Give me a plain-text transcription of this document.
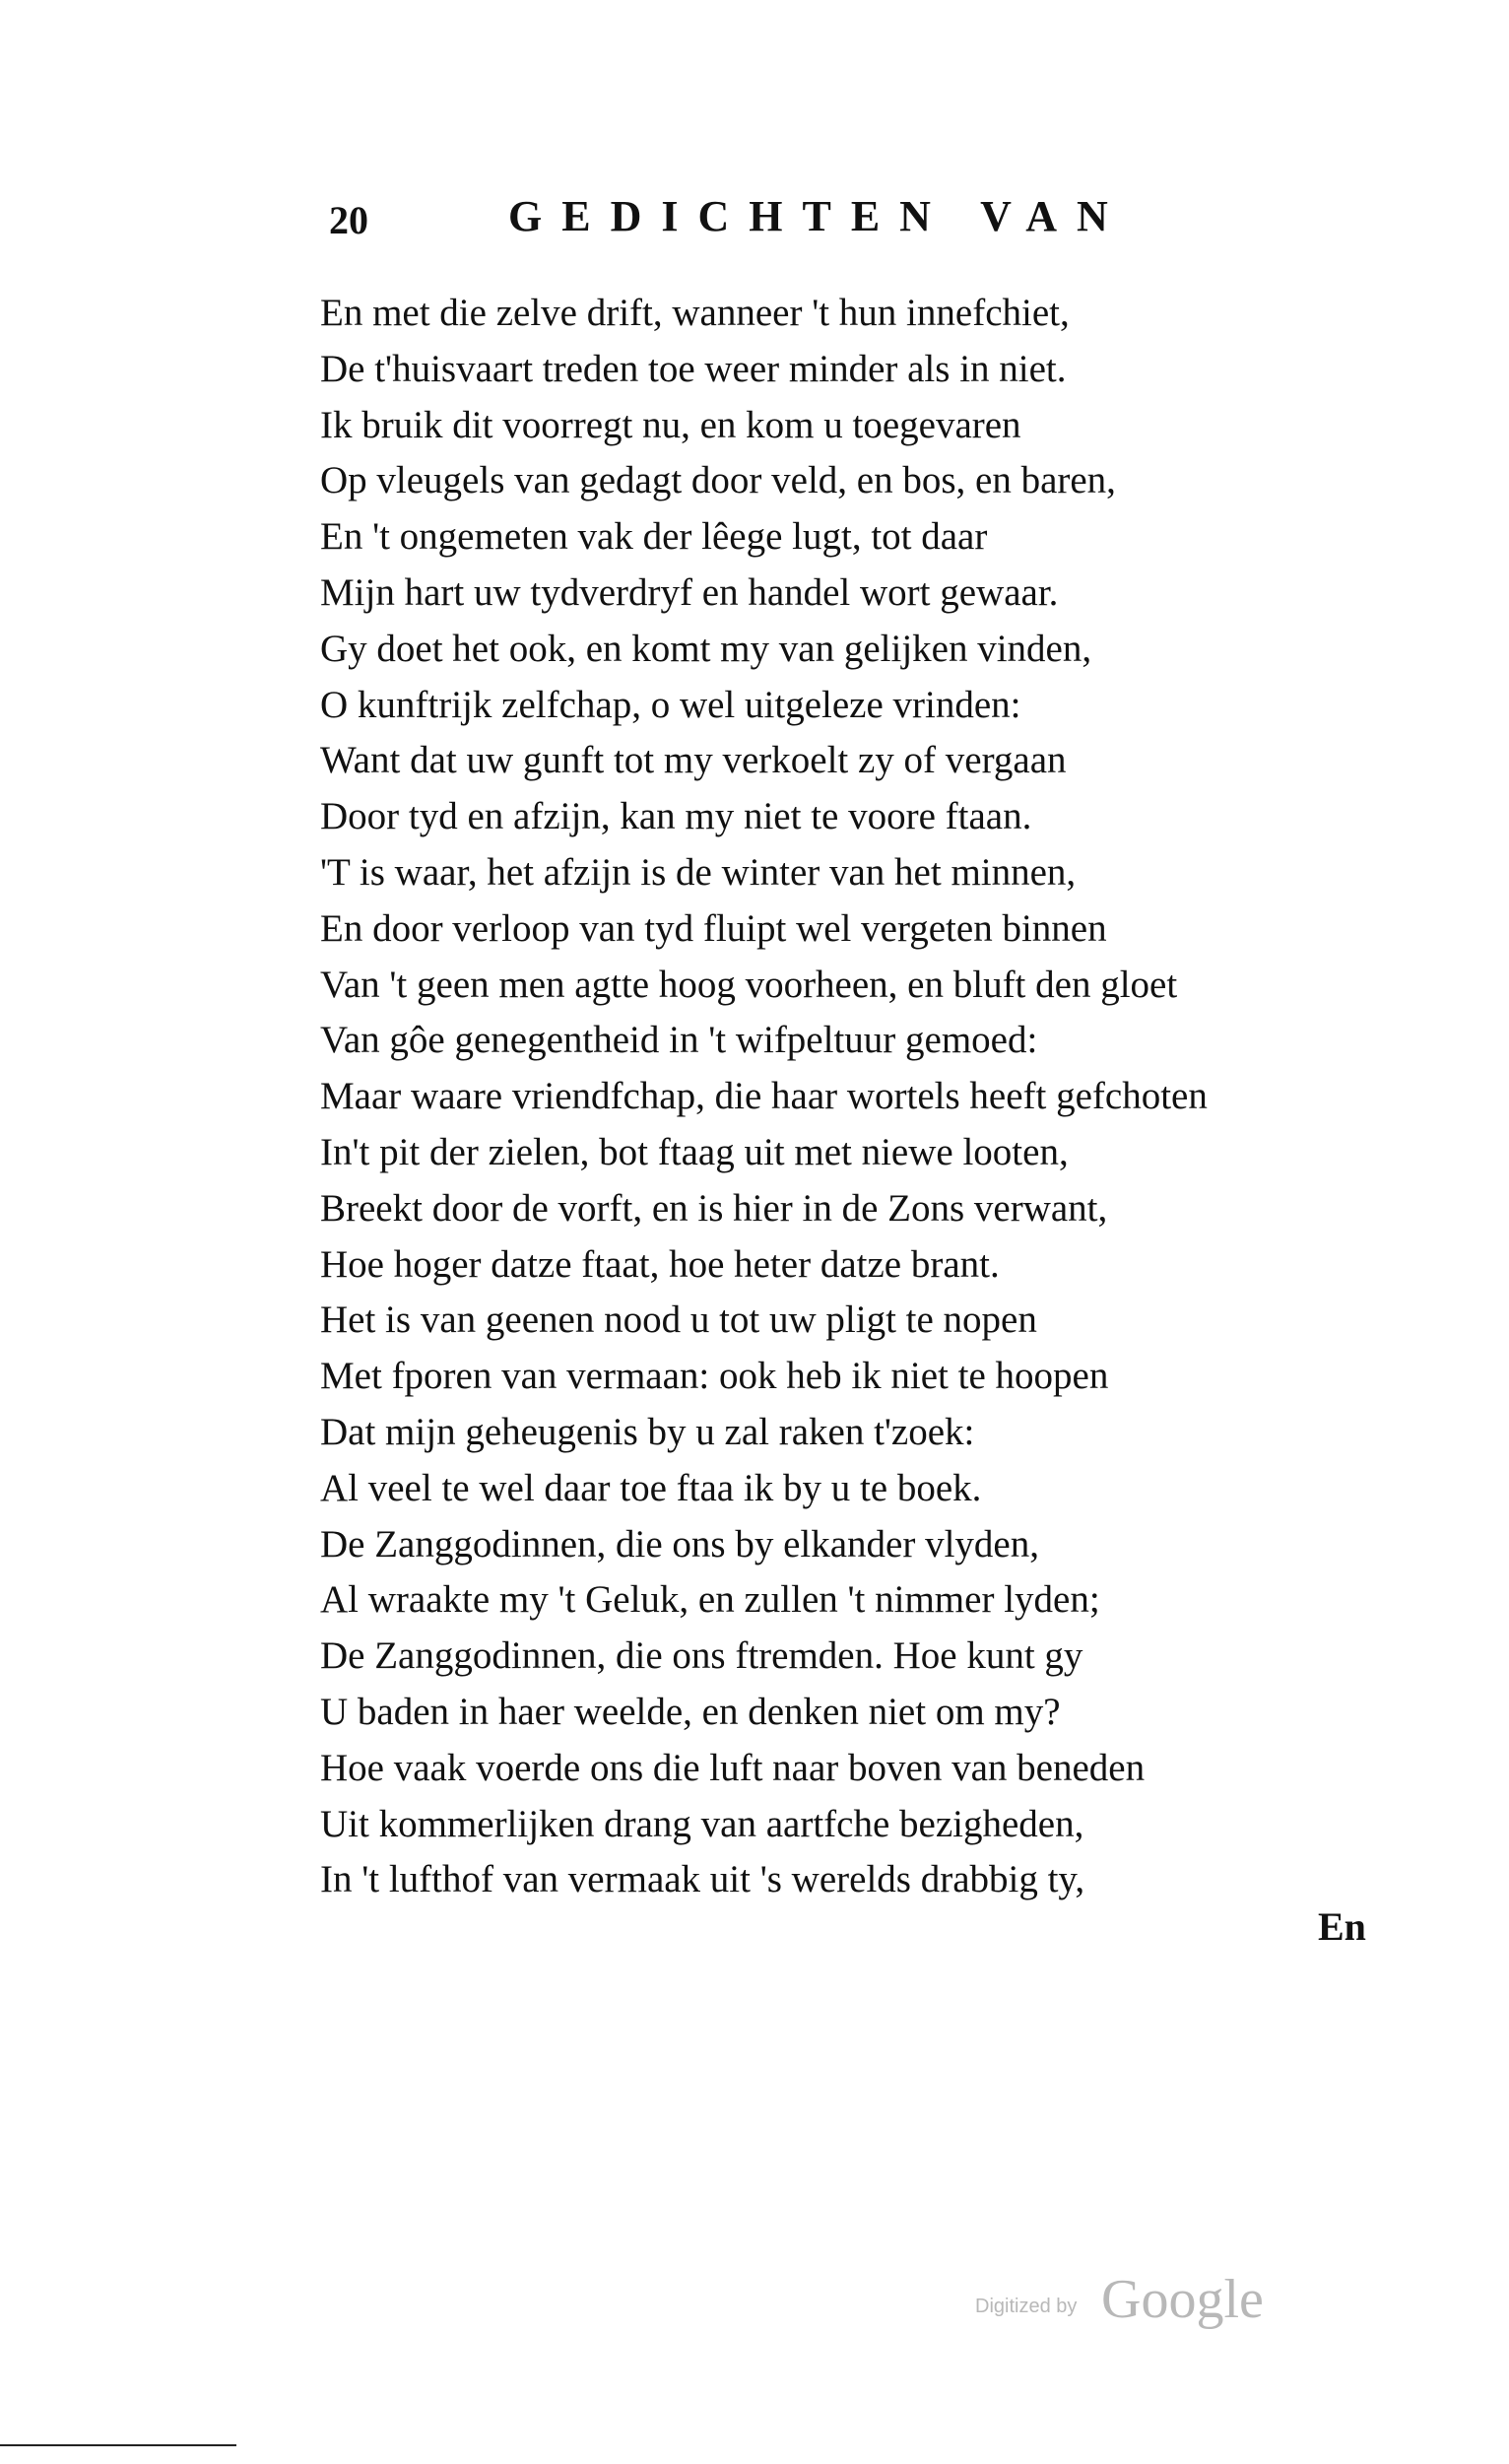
20	GEDICHTEN VAN
En met die zelve drift, wanneer 't hun innefchiet,
De t'huisvaart treden toe weer minder als in niet.
Ik bruik dit voorregt nu, en kom u toegevaren
Op vleugels van gedagt door veld, en bos, en baren,
En 't ongemeten vak der lêege lugt, tot daar
Mijn hart uw tydverdryf en handel wort gewaar.
Gy doet het ook, en komt my van gelijken vinden,
O kunftrijk zelfchap, o wel uitgeleze vrinden:
Want dat uw gunft tot my verkoelt zy of vergaan
Door tyd en afzijn, kan my niet te voore ftaan.
'T is waar, het afzijn is de winter van het minnen,
En door verloop van tyd fluipt wel vergeten binnen
Van 't geen men agtte hoog voorheen, en bluft den gloet
Van gôe genegentheid in 't wifpeltuur gemoed:
Maar waare vriendfchap, die haar wortels heeft gefchoten
In't pit der zielen, bot ftaag uit met niewe looten,
Breekt door de vorft, en is hier in de Zons verwant,
Hoe hoger datze ftaat, hoe heter datze brant.
Het is van geenen nood u tot uw pligt te nopen
Met fporen van vermaan: ook heb ik niet te hoopen
Dat mijn geheugenis by u zal raken t'zoek:
Al veel te wel daar toe ftaa ik by u te boek.
De Zanggodinnen, die ons by elkander vlyden,
Al wraakte my 't Geluk, en zullen 't nimmer lyden;
De Zanggodinnen, die ons ftremden. Hoe kunt gy
U baden in haer weelde, en denken niet om my?
Hoe vaak voerde ons die luft naar boven van beneden
Uit kommerlijken drang van aartfche bezigheden,
In 't lufthof van vermaak uit 's werelds drabbig ty,
En
Digitized by Google
